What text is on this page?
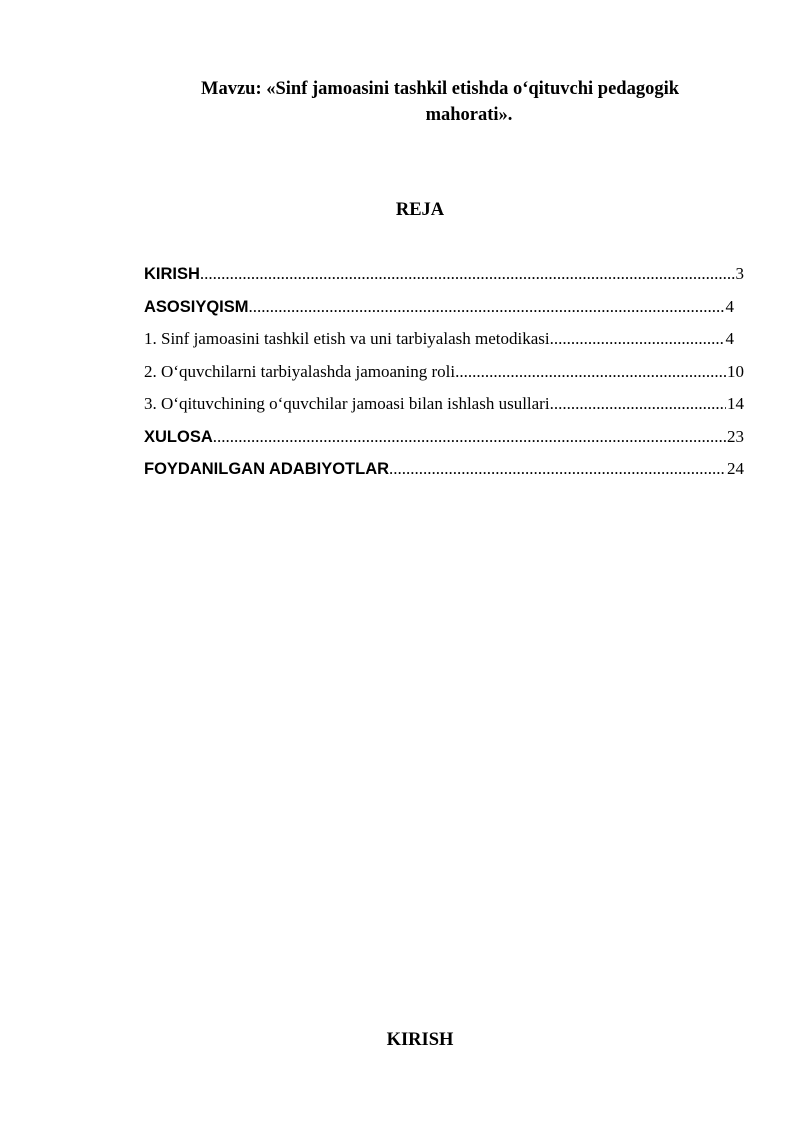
Mavzu: «Sinf jamoasini tashkil etishda o‘qituvchi pedagogik
mahorati».
REJA
KIRISH .....	3
ASOSIYQISM .....	4
1. Sinf jamoasini tashkil etish va uni tarbiyalash metodikasi .....	4
2. O‘quvchilarni tarbiyalashda jamoaning roli .....	10
3. O‘qituvchining o‘quvchilar jamoasi bilan ishlash usullari .....	14
XULOSA .....	23
FOYDANILGAN ADABIYOTLAR .....	24
KIRISH
